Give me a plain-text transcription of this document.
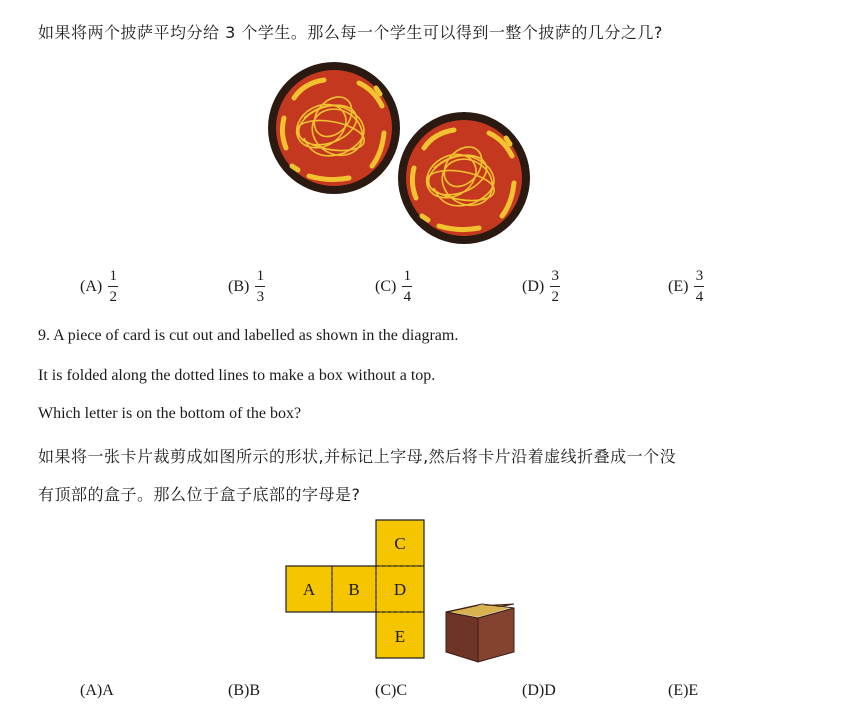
如果将两个披萨平均分给 3 个学生。那么每一个学生可以得到一整个披萨的几分之几?
$(A) \frac{1}{2}$	$(B) \frac{1}{3}$	$(C) \frac{1}{4}$	$(D) \frac{3}{2}$	$(E) \frac{3}{4}$
9. A piece of card is cut out and labelled as shown in the diagram.
It is folded along the dotted lines to make a box without a top.
Which letter is on the bottom of the box?
如果将一张卡片裁剪成如图所示的形状,并标记上字母,然后将卡片沿着虚线折叠成一个没
有顶部的盒子。那么位于盒子底部的字母是?
C
A B D
E
(A)A	(B)B	(C)C	(D)D	(E)E
